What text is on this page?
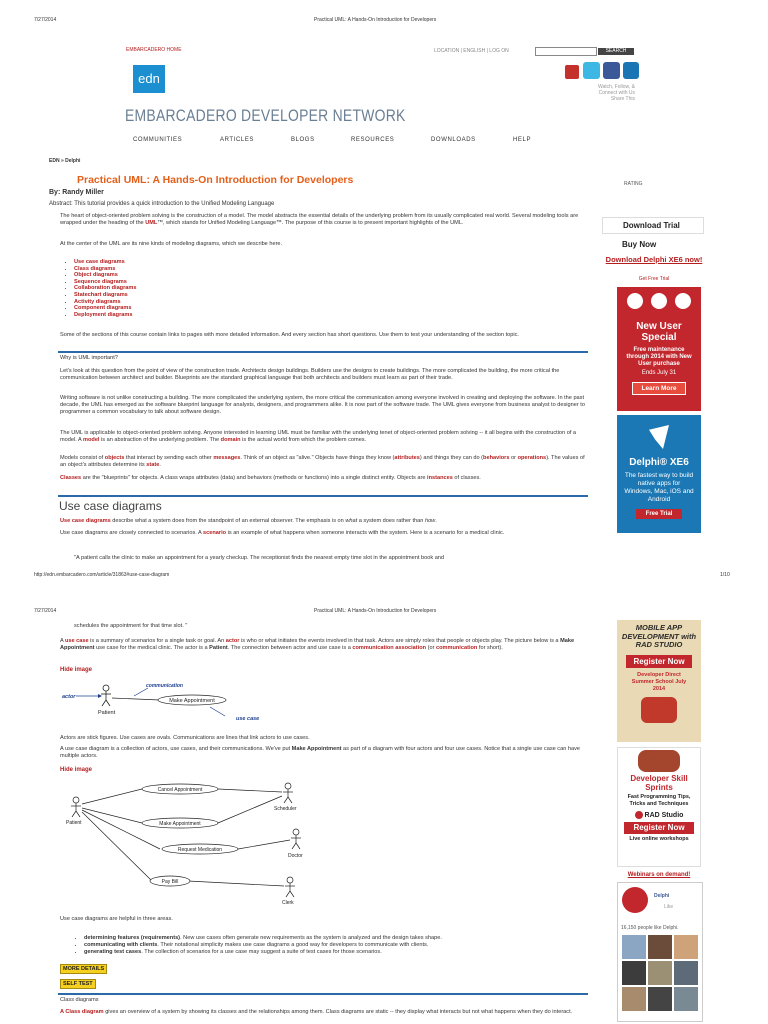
7/27/2014	Practical UML: A Hands-On Introduction for Developers
EMBARCADERO HOME	LOCATION | ENGLISH | LOG ON	SEARCH
edn
Watch, Follow, &
Connect with Us
Share This
EMBARCADERO DEVELOPER NETWORK
COMMUNITIES	ARTICLES	BLOGS	RESOURCES	DOWNLOADS	HELP
EDN » Delphi
Practical UML: A Hands-On Introduction for Developers
By: Randy Miller
Abstract: This tutorial provides a quick introduction to the Unified Modeling Language
The heart of object-oriented problem solving is the construction of a model. The model abstracts the essential details of the underlying problem from its usually complicated real world. Several modeling tools are wrapped under the heading of the UML™, which stands for Unified Modeling Language™. The purpose of this course is to present important highlights of the UML.
At the center of the UML are its nine kinds of modeling diagrams, which we describe here.
• Use case diagrams
• Class diagrams
• Object diagrams
• Sequence diagrams
• Collaboration diagrams
• Statechart diagrams
• Activity diagrams
• Component diagrams
• Deployment diagrams
Some of the sections of this course contain links to pages with more detailed information. And every section has short questions. Use them to test your understanding of the section topic.
Why is UML important?
Let's look at this question from the point of view of the construction trade. Architects design buildings. Builders use the designs to create buildings. The more complicated the building, the more critical the communication between architect and builder. Blueprints are the standard graphical language that both architects and builders must learn as part of their trade.
Writing software is not unlike constructing a building. The more complicated the underlying system, the more critical the communication among everyone involved in creating and deploying the software. In the past decade, the UML has emerged as the software blueprint language for analysts, designers, and programmers alike. It is now part of the software trade. The UML gives everyone from business analyst to designer to programmer a common vocabulary to talk about software design.
The UML is applicable to object-oriented problem solving. Anyone interested in learning UML must be familiar with the underlying tenet of object-oriented problem solving -- it all begins with the construction of a model. A model is an abstraction of the underlying problem. The domain is the actual world from which the problem comes.
Models consist of objects that interact by sending each other messages. Think of an object as "alive." Objects have things they know (attributes) and things they can do (behaviors or operations). The values of an object's attributes determine its state.
Classes are the "blueprints" for objects. A class wraps attributes (data) and behaviors (methods or functions) into a single distinct entity. Objects are instances of classes.
Use case diagrams
Use case diagrams describe what a system does from the standpoint of an external observer. The emphasis is on what a system does rather than how.
Use case diagrams are closely connected to scenarios. A scenario is an example of what happens when someone interacts with the system. Here is a scenario for a medical clinic.
"A patient calls the clinic to make an appointment for a yearly checkup. The receptionist finds the nearest empty time slot in the appointment book and
http://edn.embarcadero.com/article/31863#use-case-diagram	1/10
RATING
Download Trial
Buy Now
Download Delphi XE6 now!
Get Free Trial

New User Special
Free maintenance through 2014 with New User purchase
Ends July 31
Learn More
Delphi® XE6
The fastest way to build native apps for Windows, Mac, iOS and Android
Free Trial
7/27/2014	Practical UML: A Hands-On Introduction for Developers
schedules the appointment for that time slot. "
A use case is a summary of scenarios for a single task or goal. An actor is who or what initiates the events involved in that task. Actors are simply roles that people or objects play. The picture below is a Make Appointment use case for the medical clinic. The actor is a Patient. The connection between actor and use case is a communication association (or communication for short).
Hide image
actor
communication
Make Appointment
Patient
use case
Actors are stick figures. Use cases are ovals. Communications are lines that link actors to use cases.
A use case diagram is a collection of actors, use cases, and their communications. We've put Make Appointment as part of a diagram with four actors and four use cases. Notice that a single use case can have multiple actors.
Hide image
Cancel Appointment
Make Appointment
Request Medication
Pay Bill
Patient
Scheduler
Doctor
Clerk
Use case diagrams are helpful in three areas.
• determining features (requirements). New use cases often generate new requirements as the system is analyzed and the design takes shape.
• communicating with clients. Their notational simplicity makes use case diagrams a good way for developers to communicate with clients.
• generating test cases. The collection of scenarios for a use case may suggest a suite of test cases for those scenarios.
MORE DETAILS
SELF TEST
Class diagrams
A Class diagram gives an overview of a system by showing its classes and the relationships among them. Class diagrams are static -- they display what interacts but not what happens when they do interact.
MOBILE APP DEVELOPMENT with RAD STUDIO
Register Now
Developer Direct Summer School July 2014
Developer Skill Sprints
Fast Programming Tips, Tricks and Techniques
RAD Studio
Register Now
Live online workshops
Webinars on demand!
Delphi
Like
16,150 people like Delphi.
